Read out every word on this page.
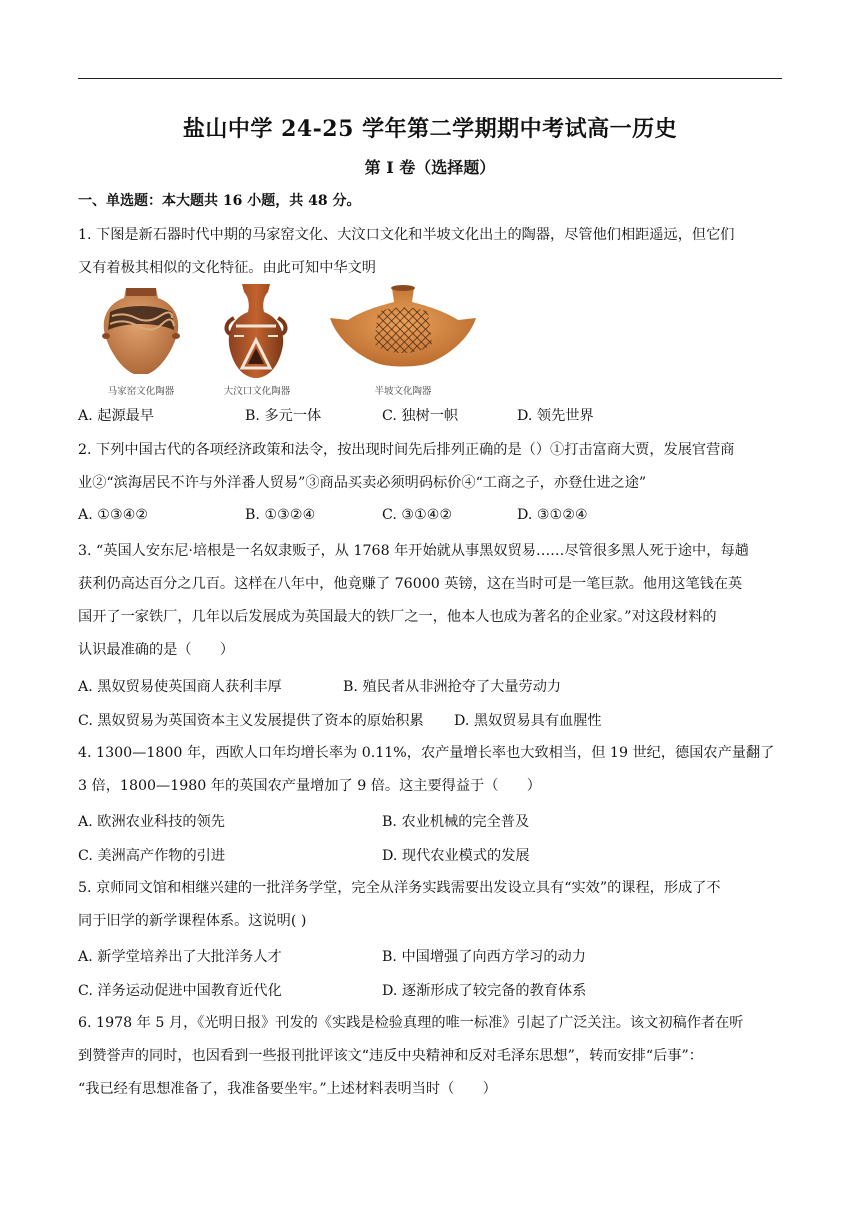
盐山中学 24-25 学年第二学期期中考试高一历史
第 I 卷（选择题）
一、单选题：本大题共 16 小题，共 48 分。
1. 下图是新石器时代中期的马家窑文化、大汶口文化和半坡文化出土的陶器，尽管他们相距遥远，但它们
又有着极其相似的文化特征。由此可知中华文明
马家窑文化陶器	大汶口文化陶器	半坡文化陶器
A. 起源最早	B. 多元一体	C. 独树一帜	D. 领先世界
2. 下列中国古代的各项经济政策和法令，按出现时间先后排列正确的是（）①打击富商大贾，发展官营商
业②“滨海居民不许与外洋番人贸易”③商品买卖必须明码标价④“工商之子，亦登仕进之途”
A. ①③④②	B. ①③②④	C. ③①④②	D. ③①②④
3. “英国人安东尼·培根是一名奴隶贩子，从 1768 年开始就从事黑奴贸易……尽管很多黑人死于途中，每趟
获利仍高达百分之几百。这样在八年中，他竟赚了 76000 英镑，这在当时可是一笔巨款。他用这笔钱在英
国开了一家铁厂，几年以后发展成为英国最大的铁厂之一，他本人也成为著名的企业家。”对这段材料的
认识最准确的是（　　）
A. 黑奴贸易使英国商人获利丰厚	B. 殖民者从非洲抢夺了大量劳动力
C. 黑奴贸易为英国资本主义发展提供了资本的原始积累 D. 黑奴贸易具有血腥性
4. 1300—1800 年，西欧人口年均增长率为 0.11%，农产量增长率也大致相当，但 19 世纪，德国农产量翻了
3 倍，1800—1980 年的英国农产量增加了 9 倍。这主要得益于（　　）
A. 欧洲农业科技的领先	B. 农业机械的完全普及
C. 美洲高产作物的引进	D. 现代农业模式的发展
5. 京师同文馆和相继兴建的一批洋务学堂，完全从洋务实践需要出发设立具有“实效”的课程，形成了不
同于旧学的新学课程体系。这说明( )
A. 新学堂培养出了大批洋务人才	B. 中国增强了向西方学习的动力
C. 洋务运动促进中国教育近代化	D. 逐渐形成了较完备的教育体系
6. 1978 年 5 月，《光明日报》刊发的《实践是检验真理的唯一标准》引起了广泛关注。该文初稿作者在听
到赞誉声的同时，也因看到一些报刊批评该文“违反中央精神和反对毛泽东思想”，转而安排“后事”：
“我已经有思想准备了，我准备要坐牢。”上述材料表明当时（　　）
